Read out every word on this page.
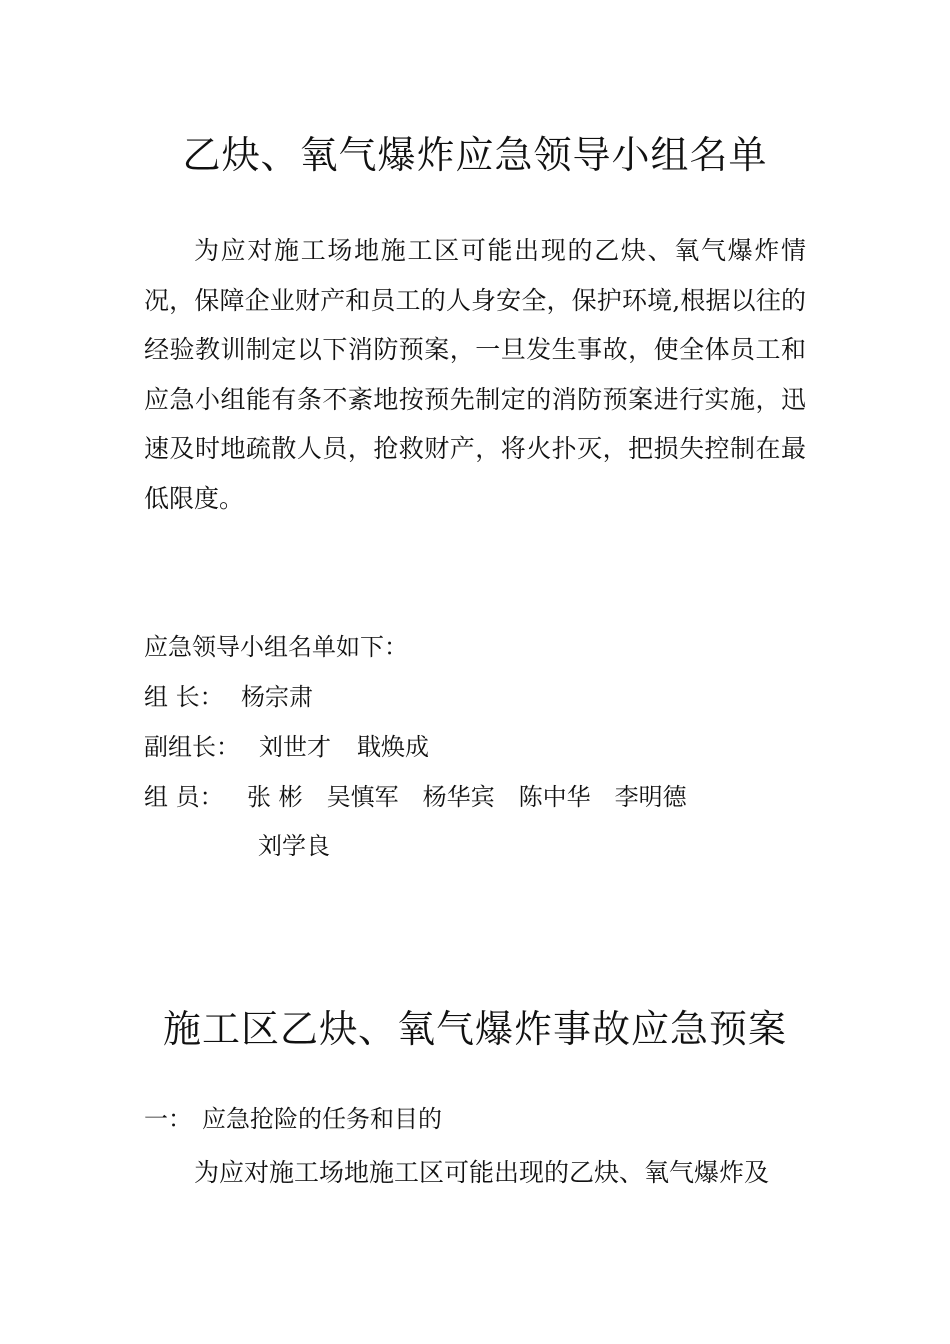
乙炔、氧气爆炸应急领导小组名单

为应对施工场地施工区可能出现的乙炔、氧气爆炸情况，保障企业财产和员工的人身安全，保护环境,根据以往的经验教训制定以下消防预案，一旦发生事故，使全体员工和应急小组能有条不紊地按预先制定的消防预案进行实施，迅速及时地疏散人员，抢救财产，将火扑灭，把损失控制在最低限度。

应急领导小组名单如下：

组 长： 杨宗肃

副组长： 刘世才 戢焕成

组 员： 张 彬 吴慎军 杨华宾 陈中华 李明德

刘学良

施工区乙炔、氧气爆炸事故应急预案

一： 应急抢险的任务和目的

为应对施工场地施工区可能出现的乙炔、氧气爆炸及
